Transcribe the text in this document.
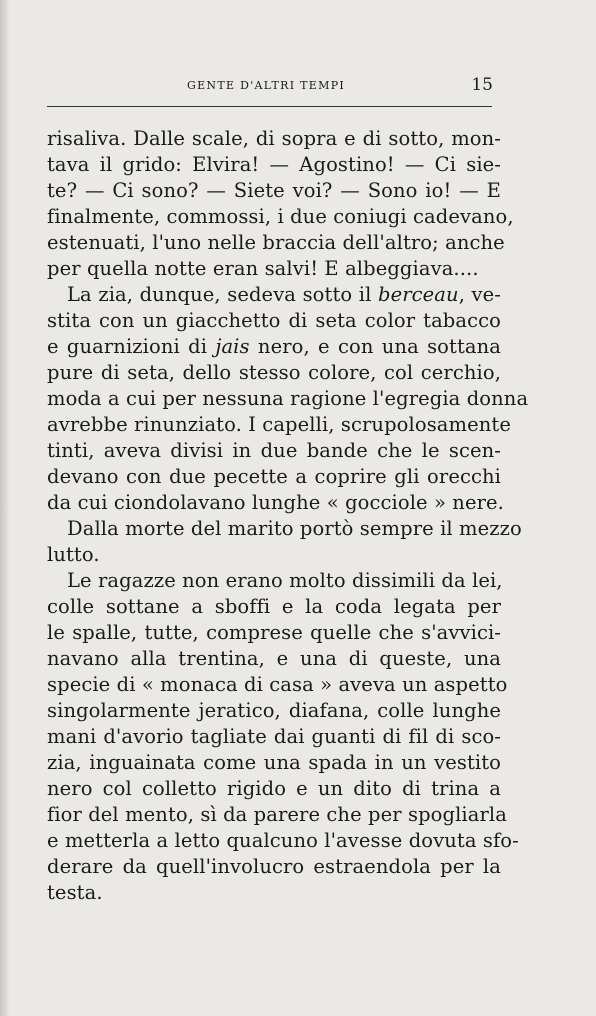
GENTE D'ALTRI TEMPI	15
risaliva. Dalle scale, di sopra e di sotto, mon-
tava il grido: Elvira! — Agostino! — Ci sie-
te? — Ci sono? — Siete voi? — Sono io! — E
finalmente, commossi, i due coniugi cadevano,
estenuati, l'uno nelle braccia dell'altro; anche
per quella notte eran salvi! E albeggiava....
La zia, dunque, sedeva sotto il berceau, ve-
stita con un giacchetto di seta color tabacco
e guarnizioni di jais nero, e con una sottana
pure di seta, dello stesso colore, col cerchio,
moda a cui per nessuna ragione l'egregia donna
avrebbe rinunziato. I capelli, scrupolosamente
tinti, aveva divisi in due bande che le scen-
devano con due pecette a coprire gli orecchi
da cui ciondolavano lunghe « gocciole » nere.
Dalla morte del marito portò sempre il mezzo
lutto.
Le ragazze non erano molto dissimili da lei,
colle sottane a sboffi e la coda legata per
le spalle, tutte, comprese quelle che s'avvici-
navano alla trentina, e una di queste, una
specie di « monaca di casa » aveva un aspetto
singolarmente jeratico, diafana, colle lunghe
mani d'avorio tagliate dai guanti di fil di sco-
zia, inguainata come una spada in un vestito
nero col colletto rigido e un dito di trina a
fior del mento, sì da parere che per spogliarla
e metterla a letto qualcuno l'avesse dovuta sfo-
derare da quell'involucro estraendola per la
testa.
